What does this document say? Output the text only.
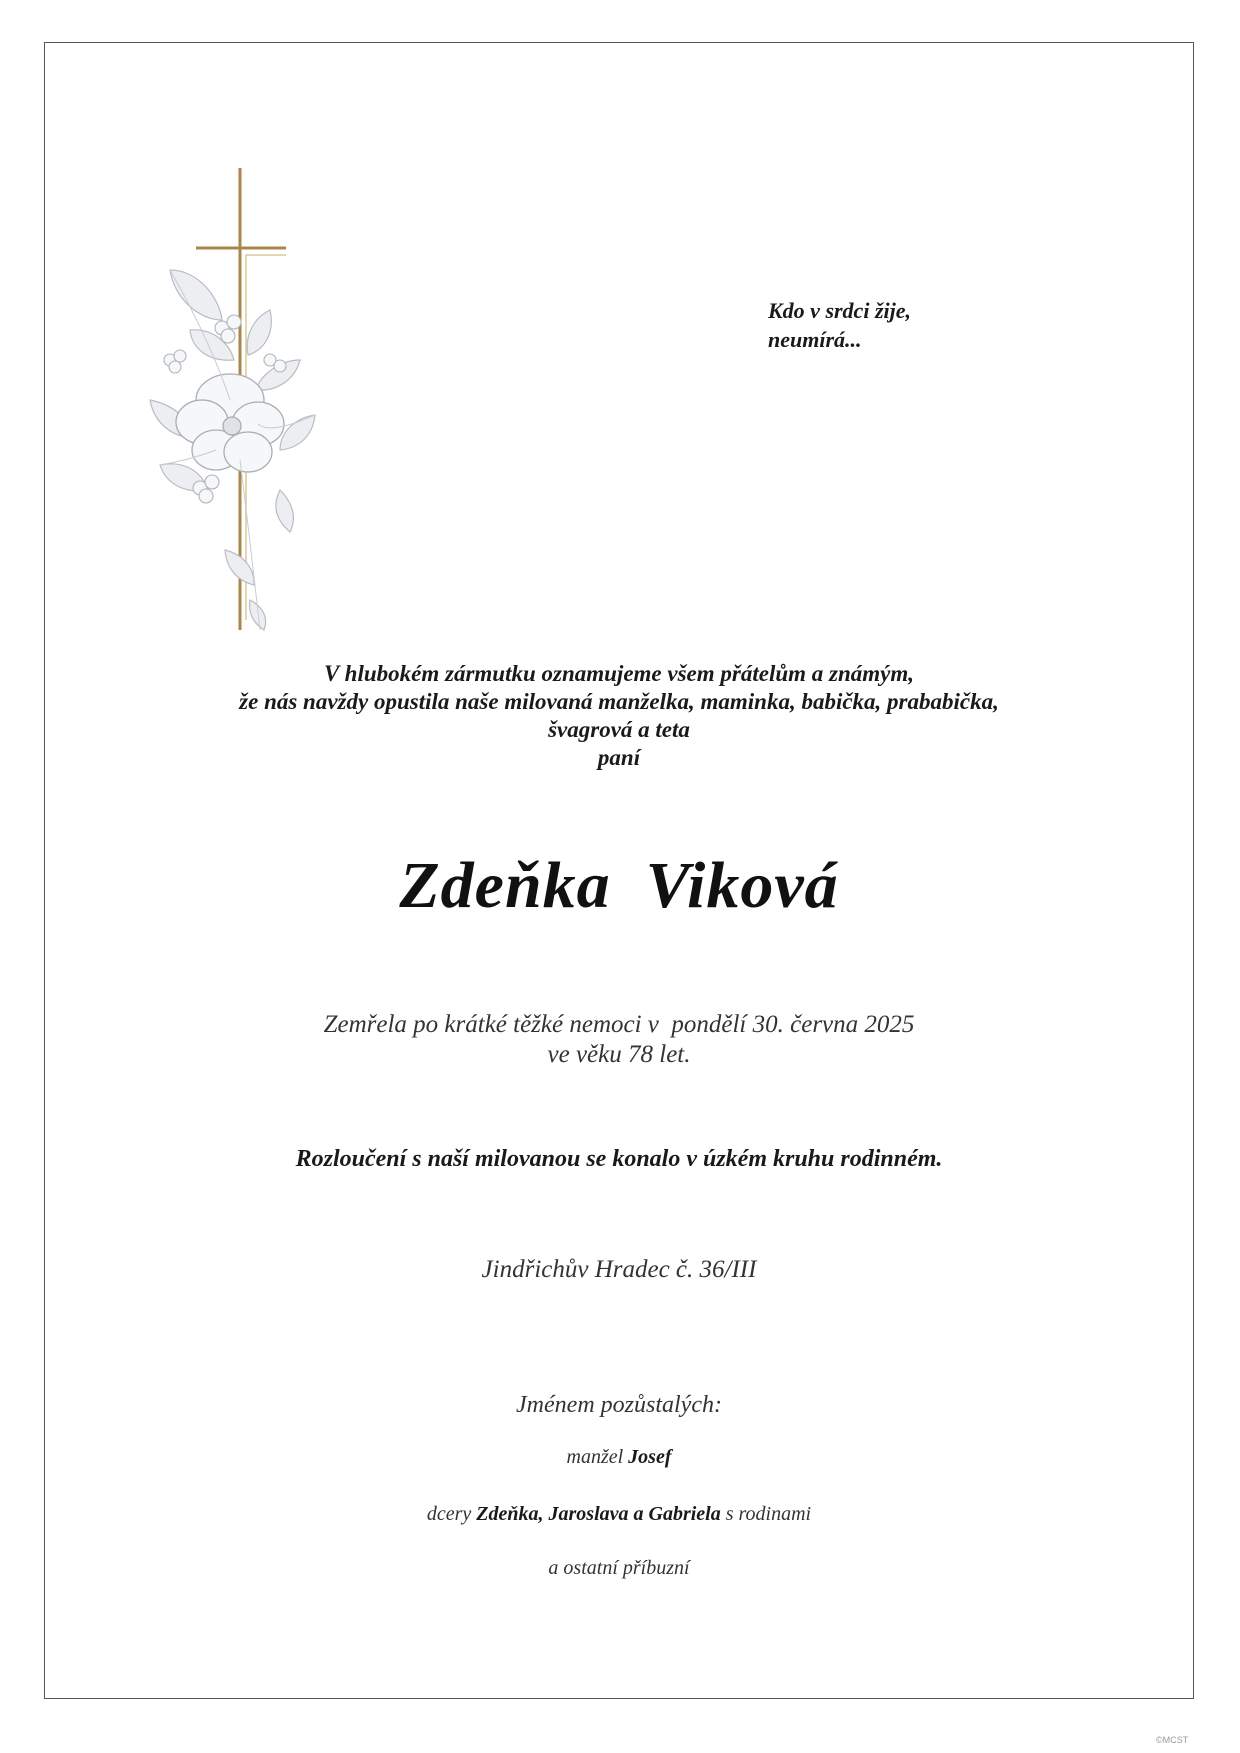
Kdo v srdci žije,
neumírá...
V hlubokém zármutku oznamujeme všem přátelům a známým,
že nás navždy opustila naše milovaná manželka, maminka, babička, prababička,
švagrová a teta
paní
Zdeňka  Viková
Zemřela po krátké těžké nemoci v  pondělí 30. června 2025
ve věku 78 let.
Rozloučení s naší milovanou se konalo v úzkém kruhu rodinném.
Jindřichův Hradec č. 36/III
Jménem pozůstalých:
manžel Josef
dcery Zdeňka, Jaroslava a Gabriela s rodinami
a ostatní příbuzní
©MCST
